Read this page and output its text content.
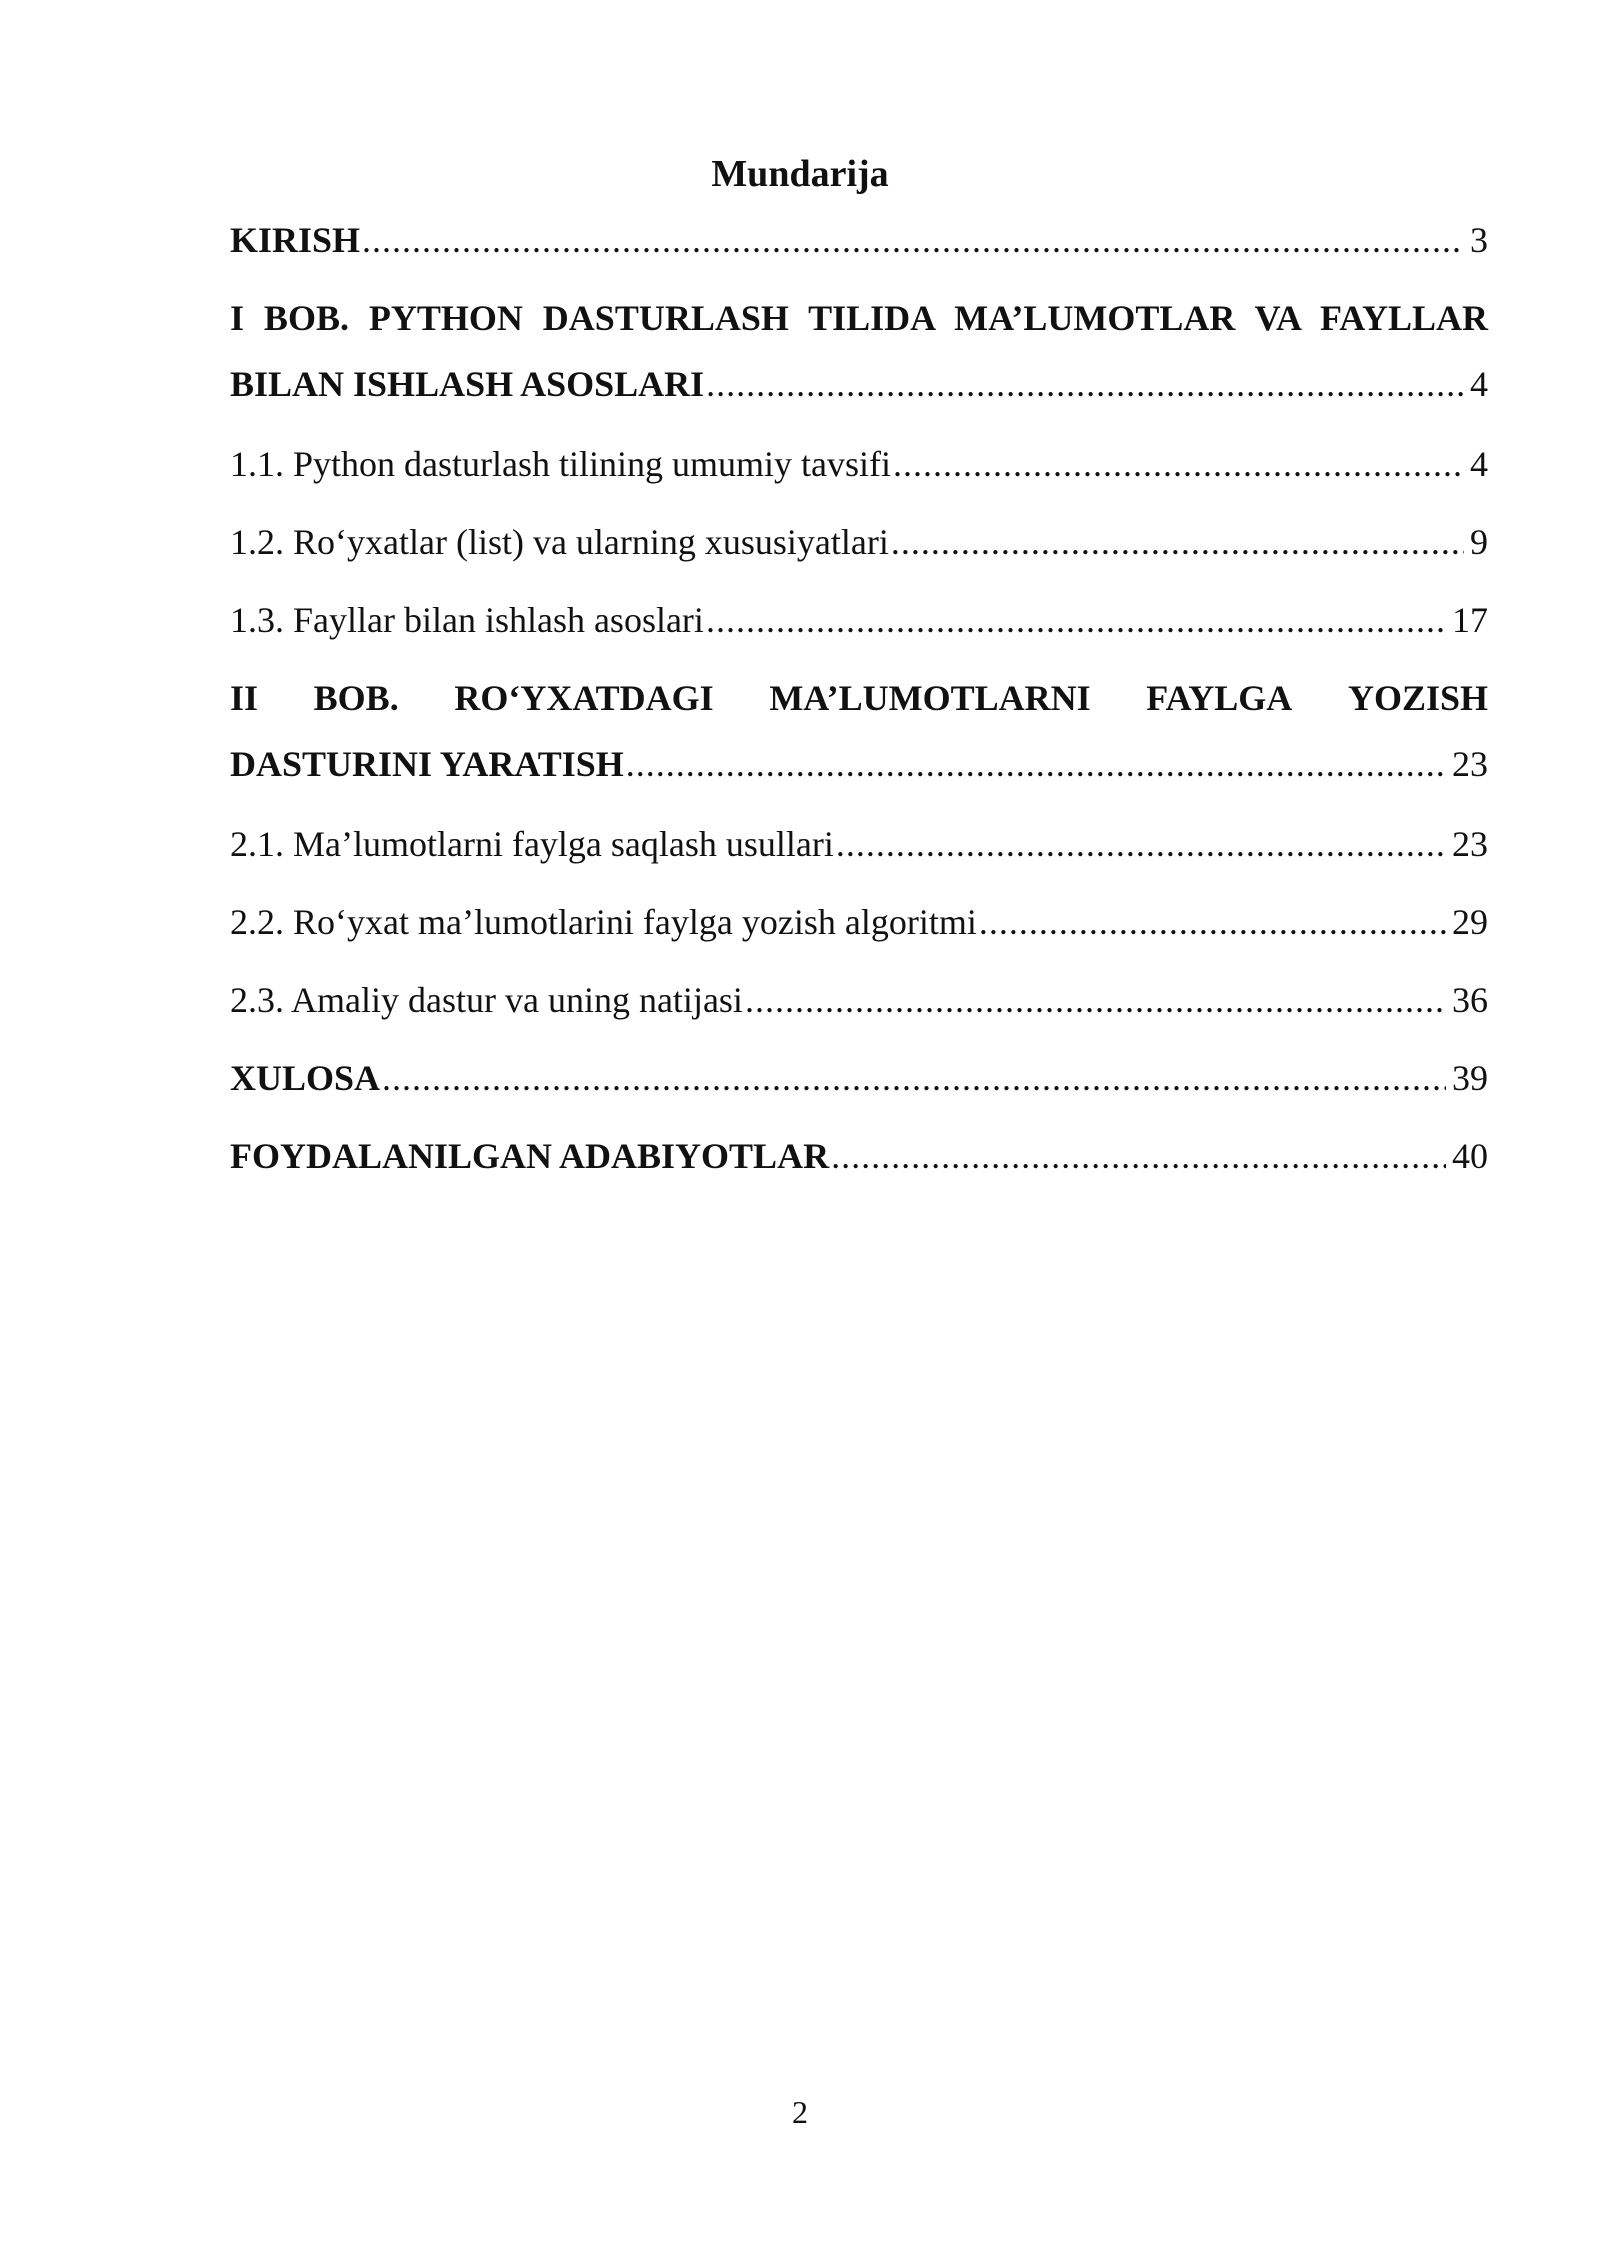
Mundarija
KIRISH .....	3
I BOB. PYTHON DASTURLASH TILIDA MA’LUMOTLAR VA FAYLLAR
BILAN ISHLASH ASOSLARI .....	4
1.1. Python dasturlash tilining umumiy tavsifi .....	4
1.2. Ro‘yxatlar (list) va ularning xususiyatlari .....	9
1.3. Fayllar bilan ishlash asoslari .....	17
II BOB. RO‘YXATDAGI MA’LUMOTLARNI FAYLGA YOZISH
DASTURINI YARATISH .....	23
2.1. Ma’lumotlarni faylga saqlash usullari .....	23
2.2. Ro‘yxat ma’lumotlarini faylga yozish algoritmi .....	29
2.3. Amaliy dastur va uning natijasi .....	36
XULOSA .....	39
FOYDALANILGAN ADABIYOTLAR .....	40
2
